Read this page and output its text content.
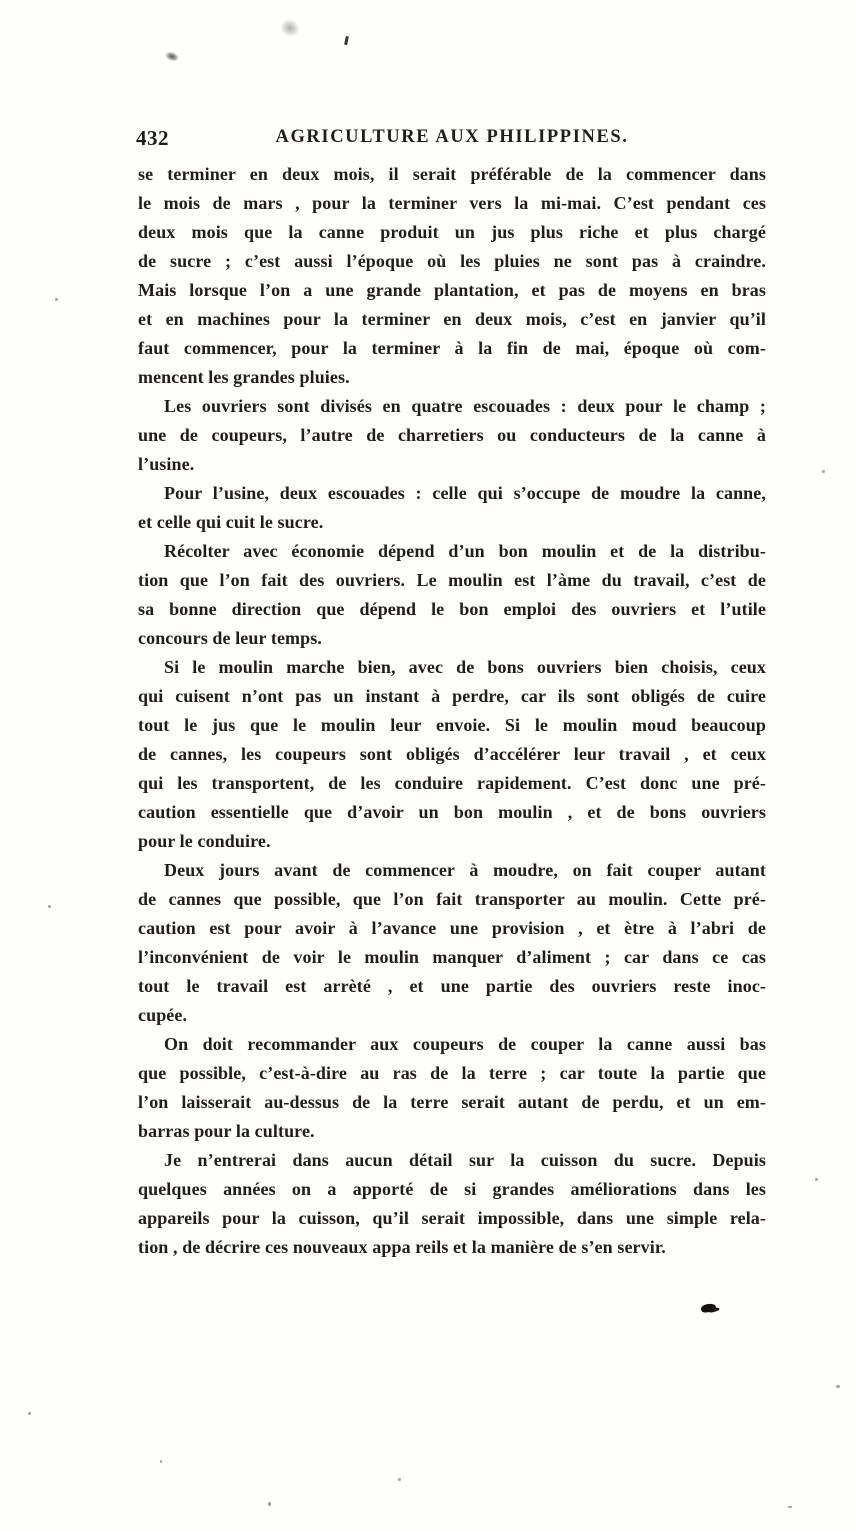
432	AGRICULTURE AUX PHILIPPINES.
se terminer en deux mois, il serait préférable de la commencer dans
le mois de mars , pour la terminer vers la mi-mai. C’est pendant ces
deux mois que la canne produit un jus plus riche et plus chargé
de sucre ; c’est aussi l’époque où les pluies ne sont pas à craindre.
Mais lorsque l’on a une grande plantation, et pas de moyens en bras
et en machines pour la terminer en deux mois, c’est en janvier qu’il
faut commencer, pour la terminer à la fin de mai, époque où com-
mencent les grandes pluies.
Les ouvriers sont divisés en quatre escouades : deux pour le champ ;
une de coupeurs, l’autre de charretiers ou conducteurs de la canne à
l’usine.
Pour l’usine, deux escouades : celle qui s’occupe de moudre la canne,
et celle qui cuit le sucre.
Récolter avec économie dépend d’un bon moulin et de la distribu-
tion que l’on fait des ouvriers. Le moulin est l’àme du travail, c’est de
sa bonne direction que dépend le bon emploi des ouvriers et l’utile
concours de leur temps.
Si le moulin marche bien, avec de bons ouvriers bien choisis, ceux
qui cuisent n’ont pas un instant à perdre, car ils sont obligés de cuire
tout le jus que le moulin leur envoie. Si le moulin moud beaucoup
de cannes, les coupeurs sont obligés d’accélérer leur travail , et ceux
qui les transportent, de les conduire rapidement. C’est donc une pré-
caution essentielle que d’avoir un bon moulin , et de bons ouvriers
pour le conduire.
Deux jours avant de commencer à moudre, on fait couper autant
de cannes que possible, que l’on fait transporter au moulin. Cette pré-
caution est pour avoir à l’avance une provision , et ètre à l’abri de
l’inconvénient de voir le moulin manquer d’aliment ; car dans ce cas
tout le travail est arrèté , et une partie des ouvriers reste inoc-
cupée.
On doit recommander aux coupeurs de couper la canne aussi bas
que possible, c’est-à-dire au ras de la terre ; car toute la partie que
l’on laisserait au-dessus de la terre serait autant de perdu, et un em-
barras pour la culture.
Je n’entrerai dans aucun détail sur la cuisson du sucre. Depuis
quelques années on a apporté de si grandes améliorations dans les
appareils pour la cuisson, qu’il serait impossible, dans une simple rela-
tion , de décrire ces nouveaux appa reils et la manière de s’en servir.
